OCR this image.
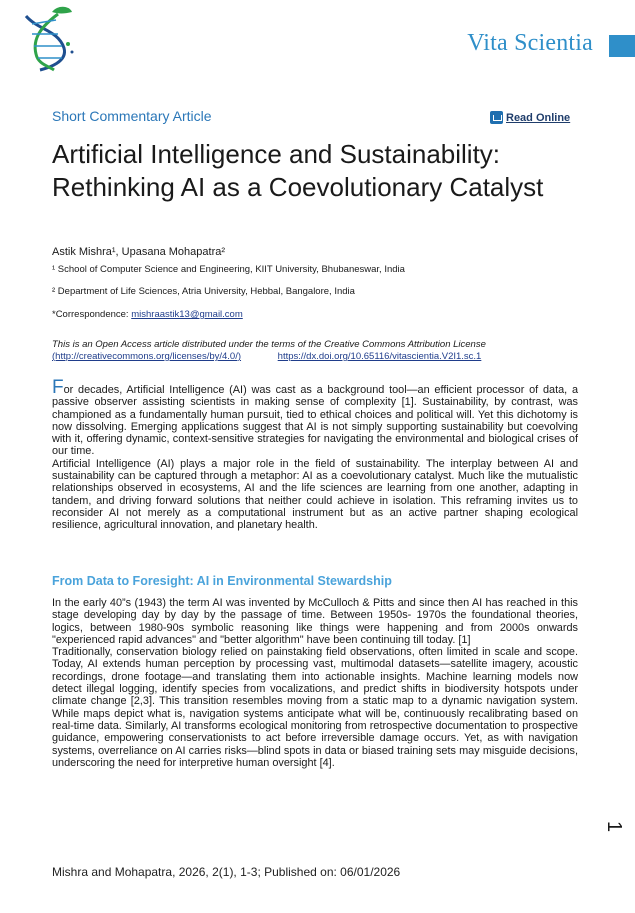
Vita Scientia
Short Commentary Article	Read Online
Artificial Intelligence and Sustainability: Rethinking AI as a Coevolutionary Catalyst
Astik Mishra¹, Upasana Mohapatra²
¹ School of Computer Science and Engineering, KIIT University, Bhubaneswar, India
² Department of Life Sciences, Atria University, Hebbal, Bangalore, India
*Correspondence: mishraastik13@gmail.com
This is an Open Access article distributed under the terms of the Creative Commons Attribution License
(http://creativecommons.org/licenses/by/4.0/)	https://dx.doi.org/10.65116/vitascientia.V2I1.sc.1

For decades, Artificial Intelligence (AI) was cast as a background tool—an efficient processor of data, a passive observer assisting scientists in making sense of complexity [1]. Sustainability, by contrast, was championed as a fundamentally human pursuit, tied to ethical choices and political will. Yet this dichotomy is now dissolving. Emerging applications suggest that AI is not simply supporting sustainability but coevolving with it, offering dynamic, context-sensitive strategies for navigating the environmental and biological crises of our time.

Artificial Intelligence (AI) plays a major role in the field of sustainability. The interplay between AI and sustainability can be captured through a metaphor: AI as a coevolutionary catalyst. Much like the mutualistic relationships observed in ecosystems, AI and the life sciences are learning from one another, adapting in tandem, and driving forward solutions that neither could achieve in isolation. This reframing invites us to reconsider AI not merely as a computational instrument but as an active partner shaping ecological resilience, agricultural innovation, and planetary health.

From Data to Foresight: AI in Environmental Stewardship

In the early 40”s (1943) the term AI was invented by McCulloch & Pitts and since then AI has reached in this stage developing day by day by the passage of time. Between 1950s- 1970s the foundational theories, logics, between 1980-90s symbolic reasoning like things were happening and from 2000s onwards "experienced rapid advances" and "better algorithm" have been continuing till today. [1]

Traditionally, conservation biology relied on painstaking field observations, often limited in scale and scope. Today, AI extends human perception by processing vast, multimodal datasets—satellite imagery, acoustic recordings, drone footage—and translating them into actionable insights. Machine learning models now detect illegal logging, identify species from vocalizations, and predict shifts in biodiversity hotspots under climate change [2,3]. This transition resembles moving from a static map to a dynamic navigation system. While maps depict what is, navigation systems anticipate what will be, continuously recalibrating based on real-time data. Similarly, AI transforms ecological monitoring from retrospective documentation to prospective guidance, empowering conservationists to act before irreversible damage occurs. Yet, as with navigation systems, overreliance on AI carries risks—blind spots in data or biased training sets may misguide decisions, underscoring the need for interpretive human oversight [4].

1
Mishra and Mohapatra, 2026, 2(1), 1-3; Published on: 06/01/2026
